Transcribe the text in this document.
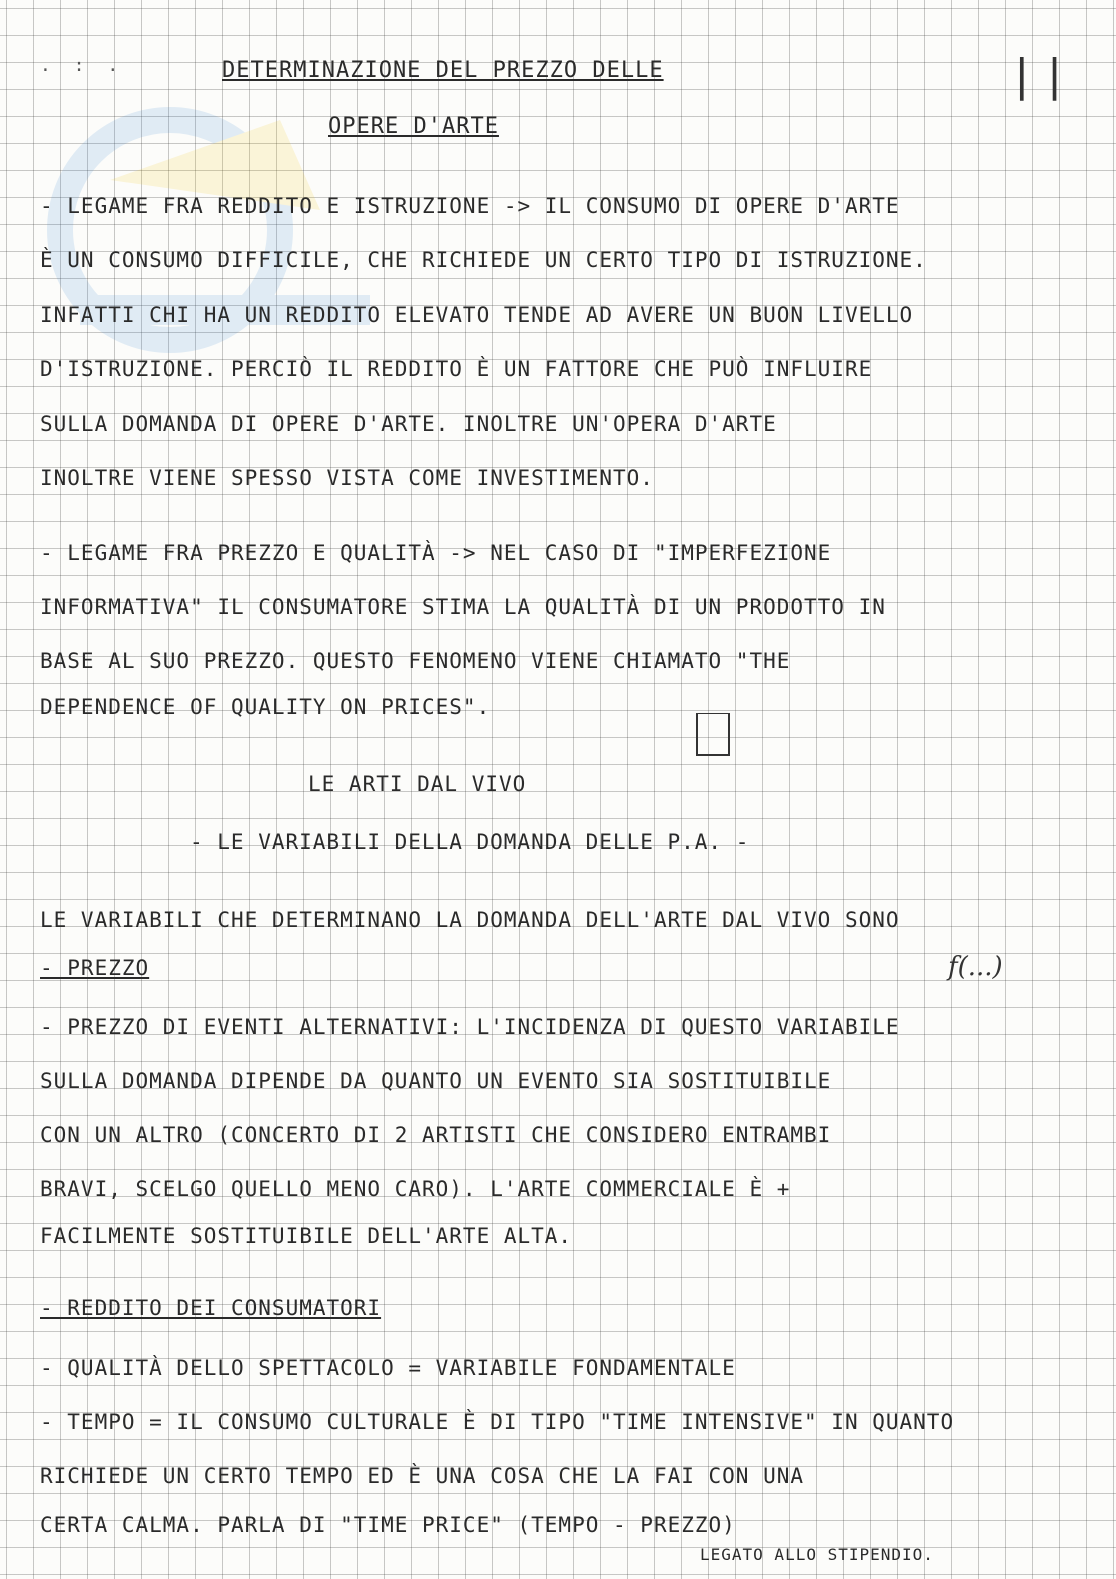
. : .	| |
DETERMINAZIONE DEL PREZZO DELLE
OPERE D'ARTE
- LEGAME FRA REDDITO E ISTRUZIONE -> IL CONSUMO DI OPERE D'ARTE
È UN CONSUMO DIFFICILE, CHE RICHIEDE UN CERTO TIPO DI ISTRUZIONE.
INFATTI CHI HA UN REDDITO ELEVATO TENDE AD AVERE UN BUON LIVELLO
D'ISTRUZIONE. PERCIÒ IL REDDITO È UN FATTORE CHE PUÒ INFLUIRE
SULLA DOMANDA DI OPERE D'ARTE. INOLTRE UN'OPERA D'ARTE
INOLTRE VIENE SPESSO VISTA COME INVESTIMENTO.
- LEGAME FRA PREZZO E QUALITÀ -> NEL CASO DI "IMPERFEZIONE
INFORMATIVA" IL CONSUMATORE STIMA LA QUALITÀ DI UN PRODOTTO IN
BASE AL SUO PREZZO. QUESTO FENOMENO VIENE CHIAMATO "THE
DEPENDENCE OF QUALITY ON PRICES".
LE ARTI DAL VIVO
- LE VARIABILI DELLA DOMANDA DELLE P.A. -
LE VARIABILI CHE DETERMINANO LA DOMANDA DELL'ARTE DAL VIVO SONO
- PREZZO
- PREZZO DI EVENTI ALTERNATIVI: L'INCIDENZA DI QUESTO VARIABILE
SULLA DOMANDA DIPENDE DA QUANTO UN EVENTO SIA SOSTITUIBILE
CON UN ALTRO (CONCERTO DI 2 ARTISTI CHE CONSIDERO ENTRAMBI
BRAVI, SCELGO QUELLO MENO CARO). L'ARTE COMMERCIALE È +
FACILMENTE SOSTITUIBILE DELL'ARTE ALTA.
f(...)
- REDDITO DEI CONSUMATORI
- QUALITÀ DELLO SPETTACOLO = VARIABILE FONDAMENTALE
- TEMPO = IL CONSUMO CULTURALE È DI TIPO "TIME INTENSIVE" IN QUANTO
RICHIEDE UN CERTO TEMPO ED È UNA COSA CHE LA FAI CON UNA
CERTA CALMA. PARLA DI "TIME PRICE" (TEMPO - PREZZO)
LEGATO ALLO STIPENDIO.
